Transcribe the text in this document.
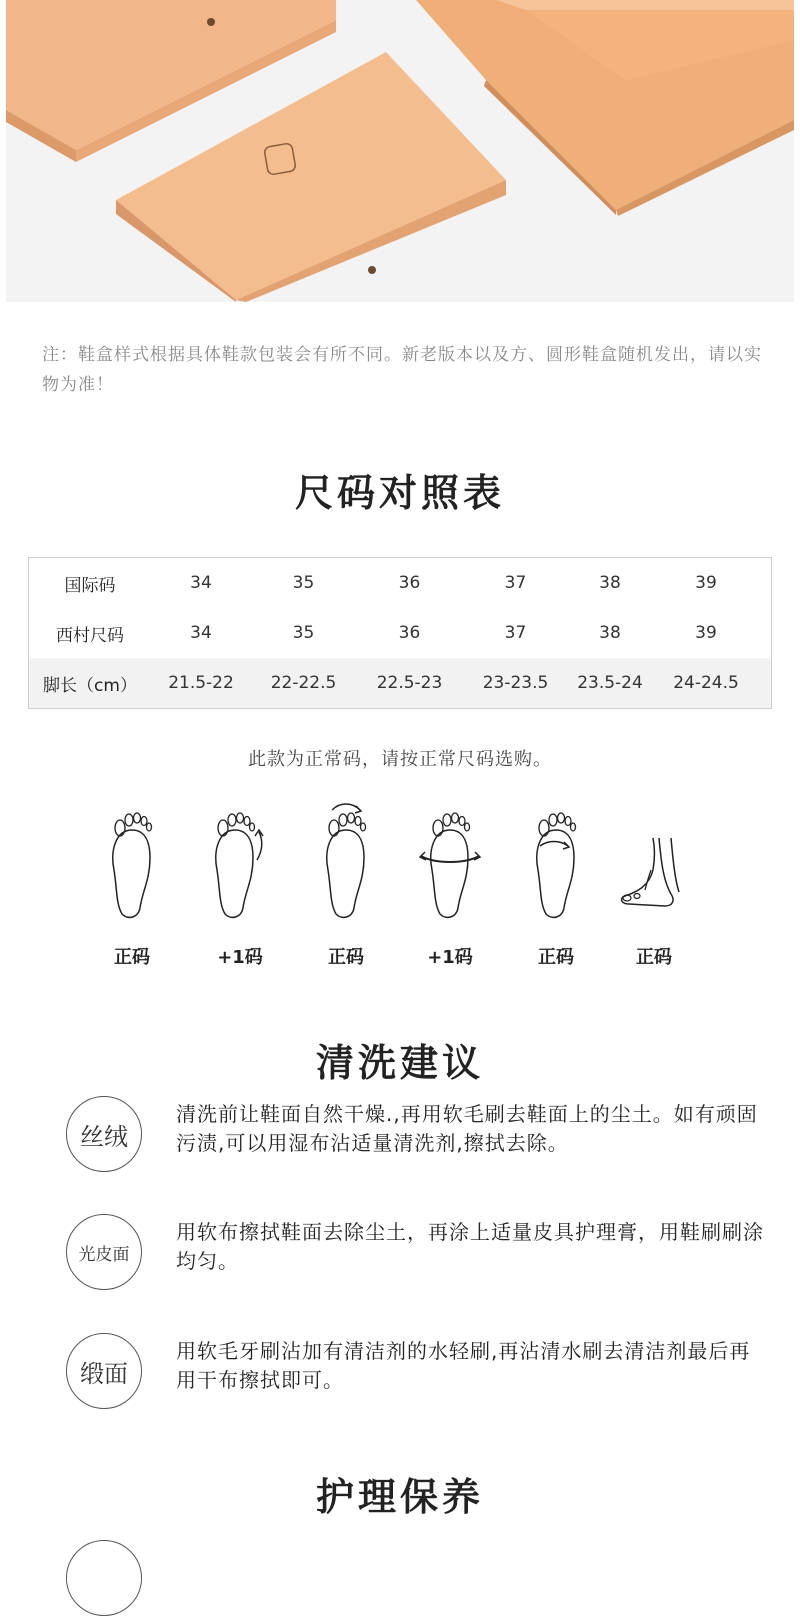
注：鞋盒样式根据具体鞋款包装会有所不同。新老版本以及方、圆形鞋盒随机发出，请以实物为准！
尺码对照表
国际码	34	35	36	37	38	39
西村尺码	34	35	36	37	38	39
脚长（cm）	21.5-22	22-22.5	22.5-23	23-23.5	23.5-24	24-24.5
此款为正常码，请按正常尺码选购。
正码	+1码	正码	+1码	正码	正码
清洗建议
丝绒
清洗前让鞋面自然干燥.,再用软毛刷去鞋面上的尘土。如有顽固污渍,可以用湿布沾适量清洗剂,擦拭去除。
光皮面
用软布擦拭鞋面去除尘土，再涂上适量皮具护理膏，用鞋刷刷涂均匀。
缎面
用软毛牙刷沾加有清洁剂的水轻刷,再沾清水刷去清洁剂最后再用干布擦拭即可。
护理保养
